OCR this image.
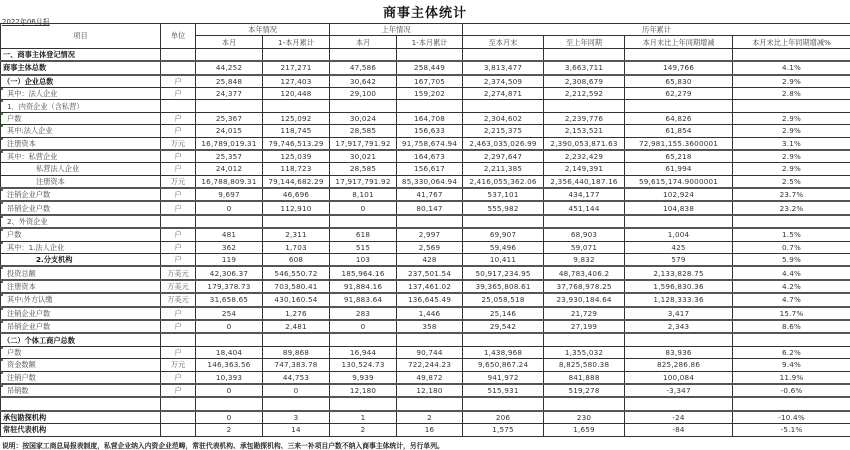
商事主体统计
2022年06月报
项目	单位	本年情况		上年情况		历年累计			
		本月	1-本月累计	本月	1-本月累计	至本月末	至上年同期	本月末比上年同期增减	本月末比上年同期增减%
一、商事主体登记情况									
商事主体总数		44,252	217,271	47,586	258,449	3,813,477	3,663,711	149,766	4.1%
（一）企业总数	户	25,848	127,403	30,642	167,705	2,374,509	2,308,679	65,830	2.9%
其中：法人企业	户	24,377	120,448	29,100	159,202	2,274,871	2,212,592	62,279	2.8%
1．内资企业（含私营）									
户数	户	25,367	125,092	30,024	164,708	2,304,602	2,239,776	64,826	2.9%
其中:法人企业	户	24,015	118,745	28,585	156,633	2,215,375	2,153,521	61,854	2.9%
注册资本	万元	16,789,019.31	79,746,513.29	17,917,791.92	91,758,674.94	2,463,035,026.99	2,390,053,871.63	72,981,155.3600001	3.1%
其中：私营企业	户	25,357	125,039	30,021	164,673	2,297,647	2,232,429	65,218	2.9%
私营法人企业	户	24,012	118,723	28,585	156,617	2,211,385	2,149,391	61,994	2.9%
注册资本	万元	16,788,809.31	79,144,682.29	17,917,791.92	85,330,064.94	2,416,055,362.06	2,356,440,187.16	59,615,174.9000001	2.5%
注销企业户数	户	9,697	46,696	8,101	41,767	537,101	434,177	102,924	23.7%
吊销企业户数	户	0	112,910	0	80,147	555,982	451,144	104,838	23.2%
2、外资企业									
户数	户	481	2,311	618	2,997	69,907	68,903	1,004	1.5%
其中：1.法人企业	户	362	1,703	515	2,569	59,496	59,071	425	0.7%
2.分支机构	户	119	608	103	428	10,411	9,832	579	5.9%
投资总额	万美元	42,306.37	546,550.72	185,964.16	237,501.54	50,917,234.95	48,783,406.2	2,133,828.75	4.4%
注册资本	万美元	179,378.73	703,580.41	91,884.16	137,461.02	39,365,808.61	37,768,978.25	1,596,830.36	4.2%
其中:外方认缴	万美元	31,658.65	430,160.54	91,883.64	136,645.49	25,058,518	23,930,184.64	1,128,333.36	4.7%
注销企业户数	户	254	1,276	283	1,446	25,146	21,729	3,417	15.7%
吊销企业户数	户	0	2,481	0	358	29,542	27,199	2,343	8.6%
（二）个体工商户总数									
户数	户	18,404	89,868	16,944	90,744	1,438,968	1,355,032	83,936	6.2%
资金数额	万元	146,363.56	747,383.78	130,524.73	722,244.23	9,650,867.24	8,825,580.38	825,286.86	9.4%
注销户数	户	10,393	44,753	9,939	49,872	941,972	841,888	100,084	11.9%
吊销数	户	0	0	12,180	12,180	515,931	519,278	-3,347	-0.6%

承包勘探机构		0	3	1	2	206	230	-24	-10.4%
常驻代表机构		2	14	2	16	1,575	1,659	-84	-5.1%
说明：按国家工商总局报表制度，私营企业纳入内资企业范畴，常驻代表机构、承包勘探机构、三来一补项目户数不纳入商事主体统计，另行单列。
